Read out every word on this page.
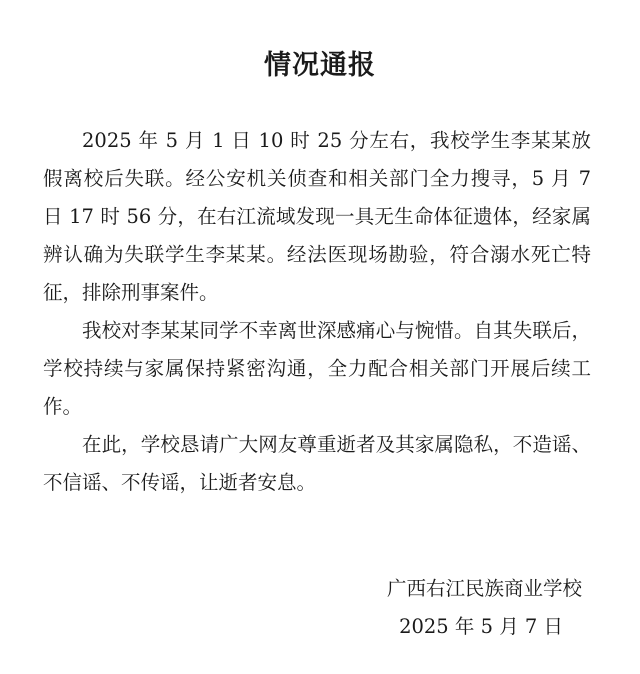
情况通报

2025 年 5 月 1 日 10 时 25 分左右，我校学生李某某放假离校后失联。经公安机关侦查和相关部门全力搜寻，5 月 7 日 17 时 56 分，在右江流域发现一具无生命体征遗体，经家属辨认确为失联学生李某某。经法医现场勘验，符合溺水死亡特征，排除刑事案件。

我校对李某某同学不幸离世深感痛心与惋惜。自其失联后，学校持续与家属保持紧密沟通，全力配合相关部门开展后续工作。

在此，学校恳请广大网友尊重逝者及其家属隐私，不造谣、不信谣、不传谣，让逝者安息。

广西右江民族商业学校
2025 年 5 月 7 日
